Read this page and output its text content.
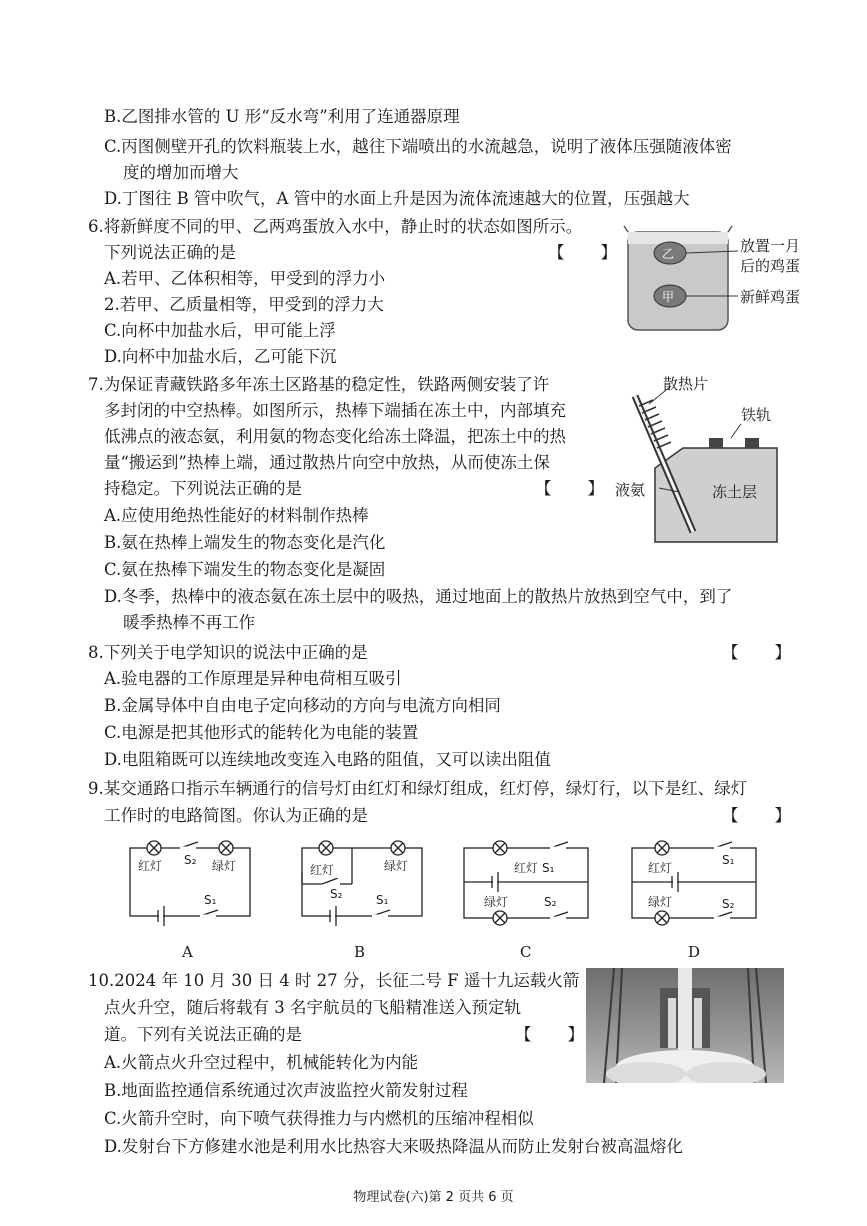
B.乙图排水管的 U 形“反水弯”利用了连通器原理
C.丙图侧壁开孔的饮料瓶装上水，越往下端喷出的水流越急，说明了液体压强随液体密
度的增加而增大
D.丁图往 B 管中吹气，A 管中的水面上升是因为流体流速越大的位置，压强越大
6.将新鲜度不同的甲、乙两鸡蛋放入水中，静止时的状态如图所示。
下列说法正确的是	【　　】
A.若甲、乙体积相等，甲受到的浮力小
2.若甲、乙质量相等，甲受到的浮力大
C.向杯中加盐水后，甲可能上浮
D.向杯中加盐水后，乙可能下沉
乙
甲
放置一月
后的鸡蛋
新鲜鸡蛋
7.为保证青藏铁路多年冻土区路基的稳定性，铁路两侧安装了许
多封闭的中空热棒。如图所示，热棒下端插在冻土中，内部填充
低沸点的液态氨，利用氨的物态变化给冻土降温，把冻土中的热
量“搬运到”热棒上端，通过散热片向空中放热，从而使冻土保
持稳定。下列说法正确的是	【　　】
A.应使用绝热性能好的材料制作热棒
B.氨在热棒上端发生的物态变化是汽化
C.氨在热棒下端发生的物态变化是凝固
D.冬季，热棒中的液态氨在冻土层中的吸热，通过地面上的散热片放热到空气中，到了
暖季热棒不再工作
散热片
铁轨
液氨	冻土层
8.下列关于电学知识的说法中正确的是	【　　】
A.验电器的工作原理是异种电荷相互吸引
B.金属导体中自由电子定向移动的方向与电流方向相同
C.电源是把其他形式的能转化为电能的装置
D.电阻箱既可以连续地改变连入电路的阻值，又可以读出阻值
9.某交通路口指示车辆通行的信号灯由红灯和绿灯组成，红灯停，绿灯行，以下是红、绿灯
工作时的电路简图。你认为正确的是	【　　】
红灯	绿灯
S₂
S₁
红灯	绿灯
S₂	S₁
红灯 S₁
绿灯	S₂
红灯
S₁
绿灯	S₂
A	B	C	D
10.2024 年 10 月 30 日 4 时 27 分，长征二号 F 遥十九运载火箭
点火升空，随后将载有 3 名宇航员的飞船精准送入预定轨
道。下列有关说法正确的是	【　　】
A.火箭点火升空过程中，机械能转化为内能
B.地面监控通信系统通过次声波监控火箭发射过程
C.火箭升空时，向下喷气获得推力与内燃机的压缩冲程相似
D.发射台下方修建水池是利用水比热容大来吸热降温从而防止发射台被高温熔化
物理试卷(六)第 2 页共 6 页
